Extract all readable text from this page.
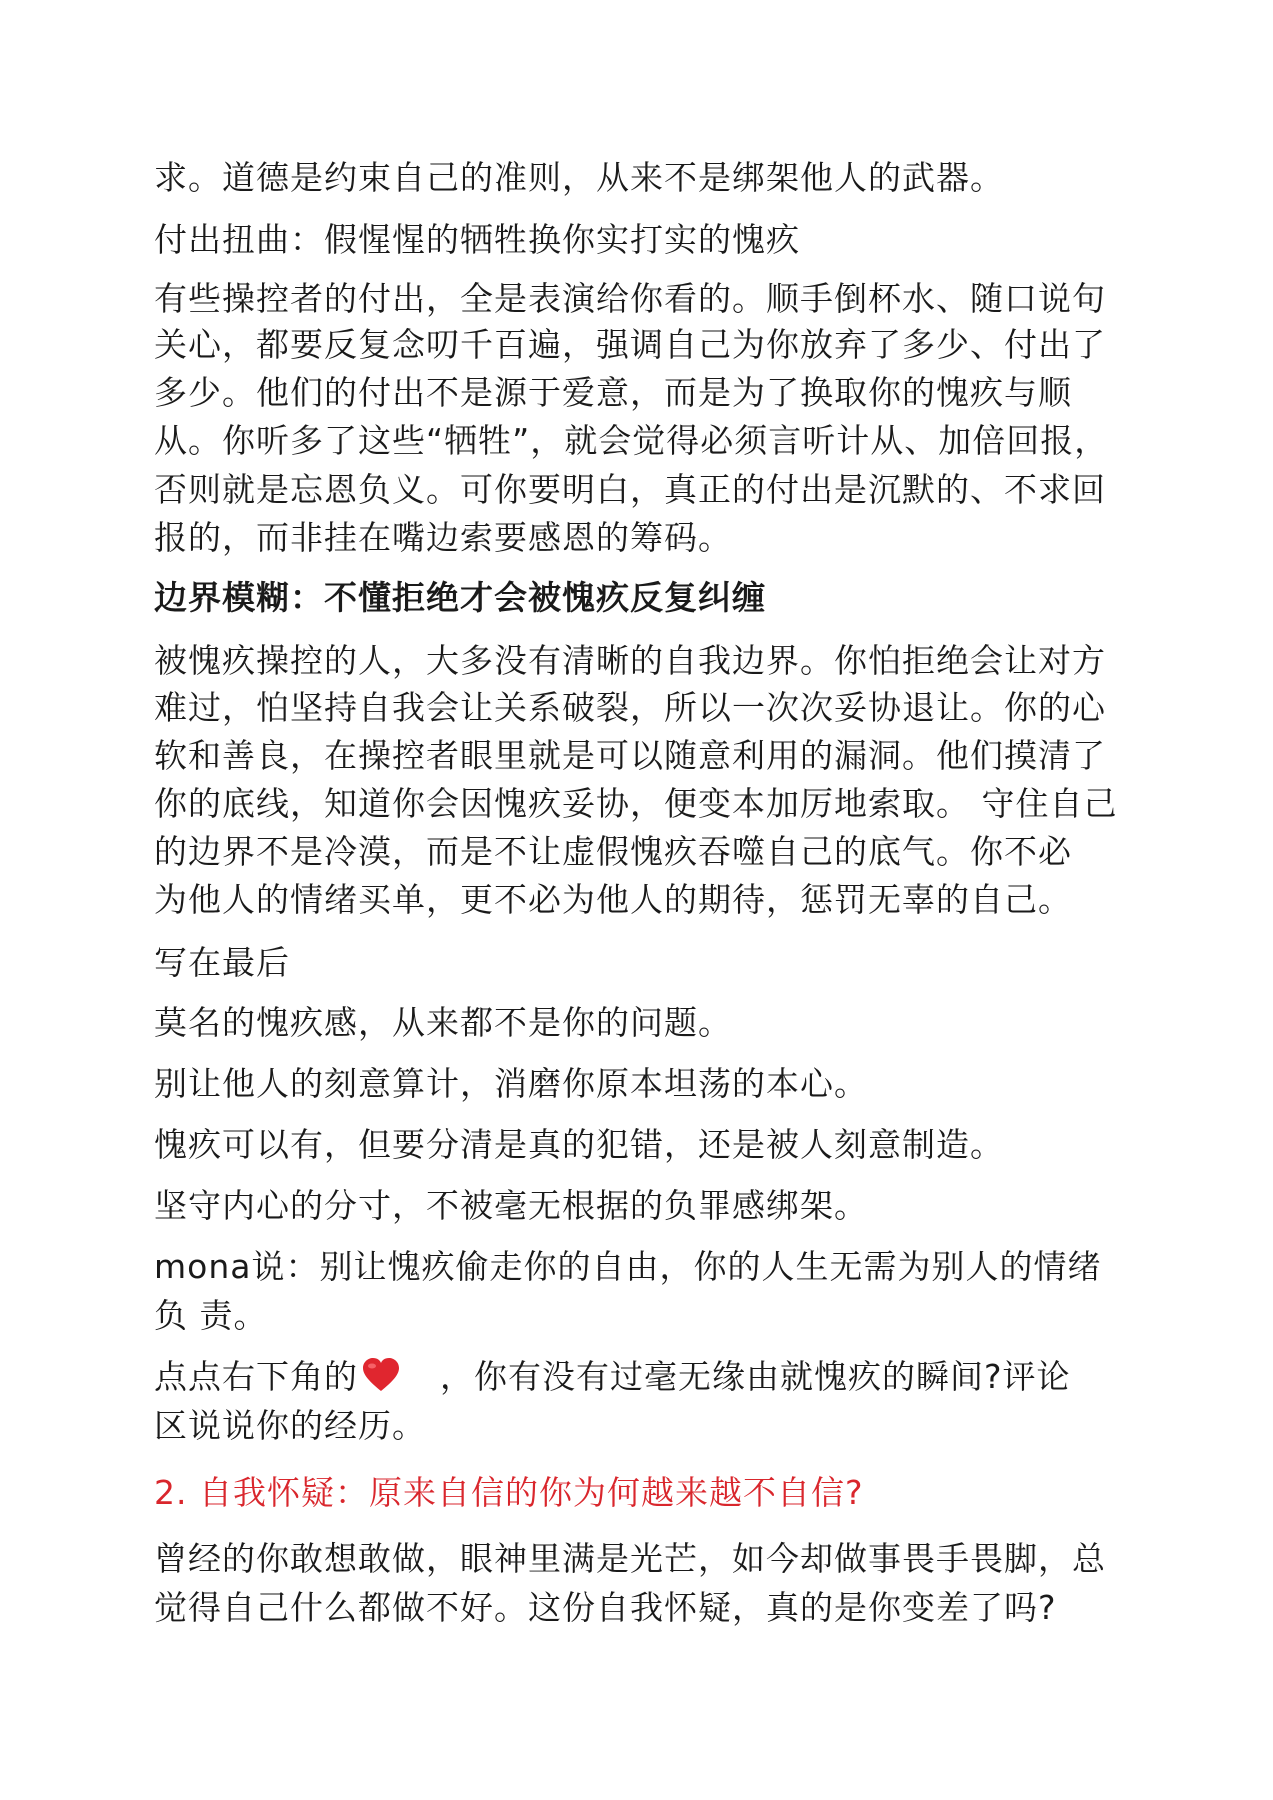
求。道德是约束自己的准则，从来不是绑架他人的武器。

付出扭曲：假惺惺的牺牲换你实打实的愧疚

有些操控者的付出，全是表演给你看的。顺手倒杯水、随口说句

关心，都要反复念叨千百遍，强调自己为你放弃了多少、付出了

多少。他们的付出不是源于爱意，而是为了换取你的愧疚与顺

从。你听多了这些“牺牲”，就会觉得必须言听计从、加倍回报，

否则就是忘恩负义。可你要明白，真正的付出是沉默的、不求回

报的，而非挂在嘴边索要感恩的筹码。

边界模糊：不懂拒绝才会被愧疚反复纠缠

被愧疚操控的人，大多没有清晰的自我边界。你怕拒绝会让对方

难过，怕坚持自我会让关系破裂，所以一次次妥协退让。你的心

软和善良，在操控者眼里就是可以随意利用的漏洞。他们摸清了

你的底线，知道你会因愧疚妥协，便变本加厉地索取。 守住自己

的边界不是冷漠，而是不让虚假愧疚吞噬自己的底气。你不必

为他人的情绪买单，更不必为他人的期待，惩罚无辜的自己。

写在最后

莫名的愧疚感，从来都不是你的问题。

别让他人的刻意算计，消磨你原本坦荡的本心。

愧疚可以有，但要分清是真的犯错，还是被人刻意制造。

坚守内心的分寸，不被毫无根据的负罪感绑架。

mona说：别让愧疚偷走你的自由，你的人生无需为别人的情绪

负 责。

点点右下角的 ，你有没有过毫无缘由就愧疚的瞬间?评论

区说说你的经历。

2. 自我怀疑：原来自信的你为何越来越不自信?

曾经的你敢想敢做，眼神里满是光芒，如今却做事畏手畏脚，总

觉得自己什么都做不好。这份自我怀疑，真的是你变差了吗?
